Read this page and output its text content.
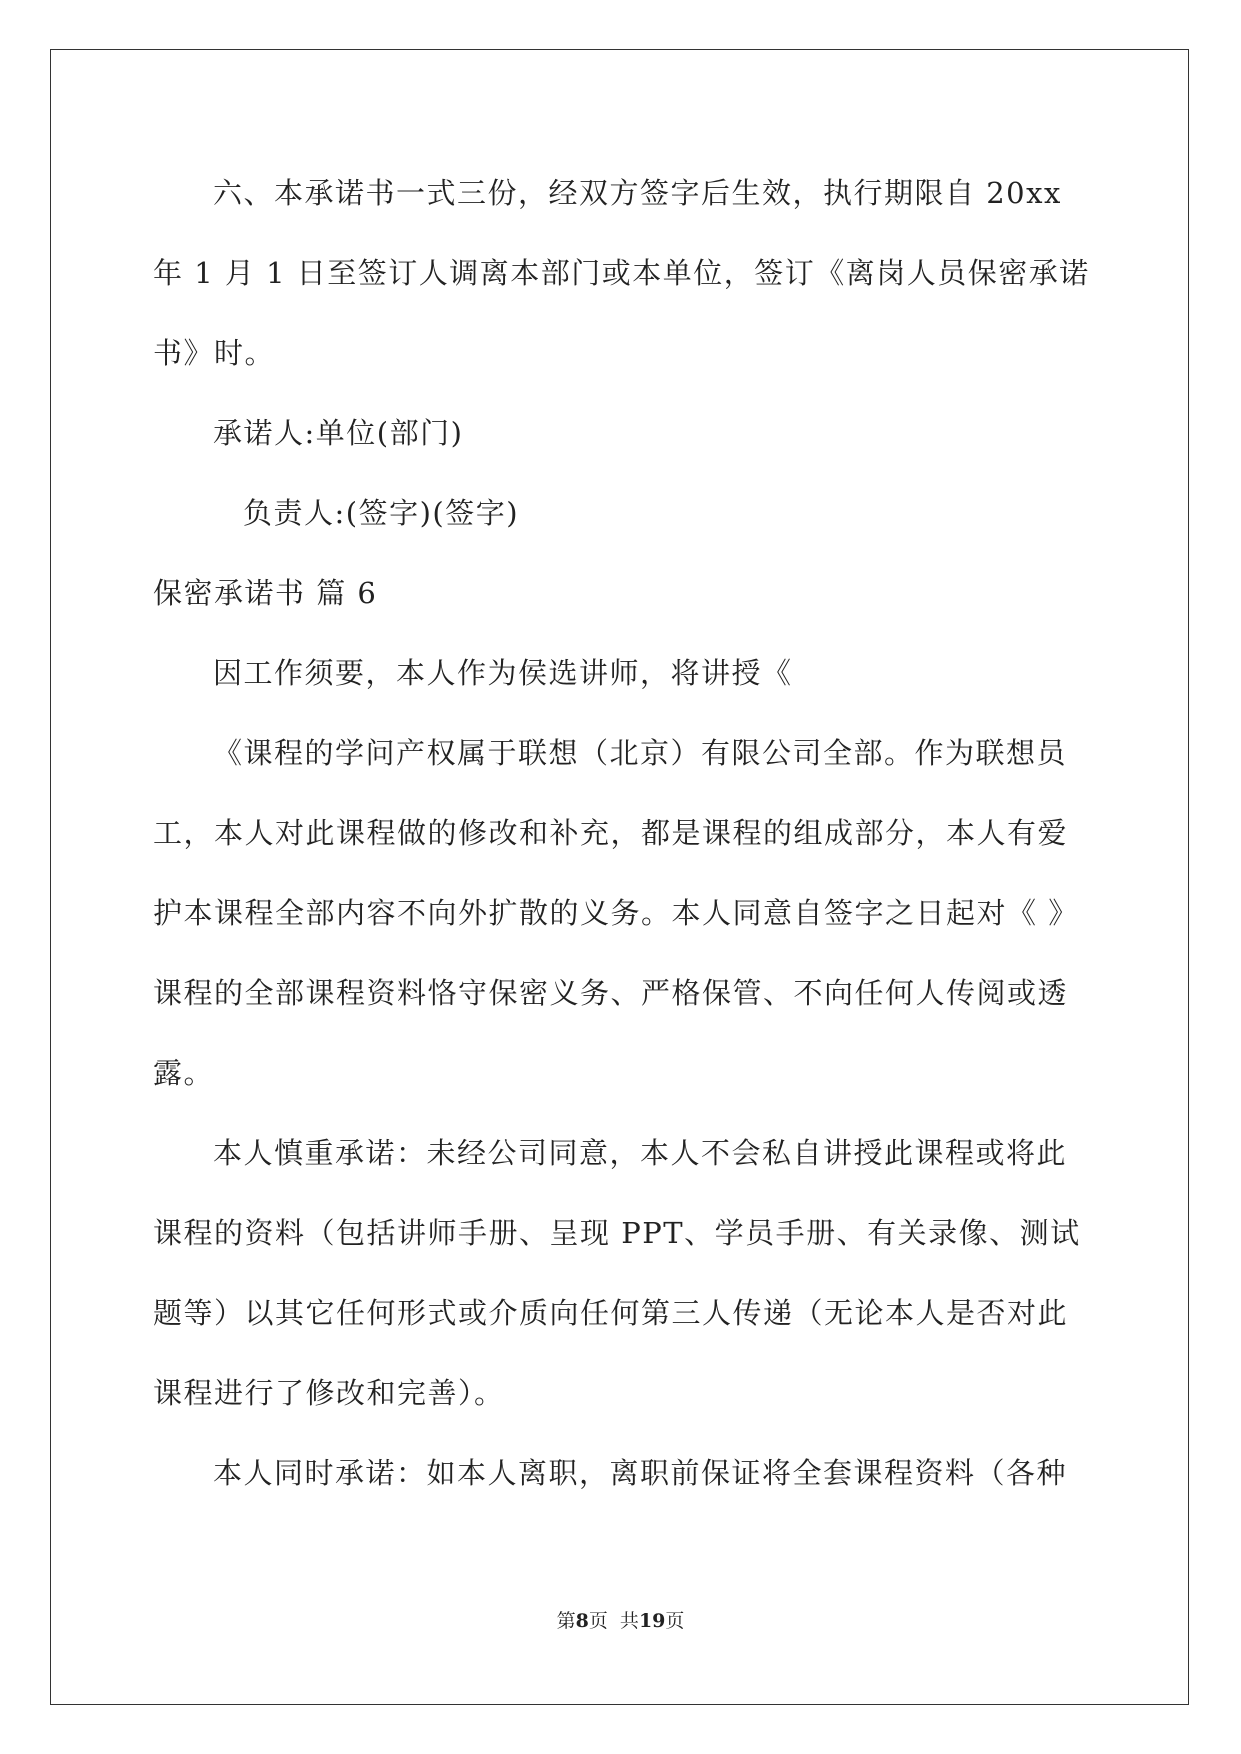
六、本承诺书一式三份，经双方签字后生效，执行期限自 20xx
年 1 月 1 日至签订人调离本部门或本单位，签订《离岗人员保密承诺
书》时。
承诺人:单位(部门)
负责人:(签字)(签字)
保密承诺书 篇 6
因工作须要，本人作为侯选讲师，将讲授《
《课程的学问产权属于联想（北京）有限公司全部。作为联想员
工，本人对此课程做的修改和补充，都是课程的组成部分，本人有爱
护本课程全部内容不向外扩散的义务。本人同意自签字之日起对《 》
课程的全部课程资料恪守保密义务、严格保管、不向任何人传阅或透
露。
本人慎重承诺：未经公司同意，本人不会私自讲授此课程或将此
课程的资料（包括讲师手册、呈现 PPT、学员手册、有关录像、测试
题等）以其它任何形式或介质向任何第三人传递（无论本人是否对此
课程进行了修改和完善）。
本人同时承诺：如本人离职，离职前保证将全套课程资料（各种
第8页  共19页
